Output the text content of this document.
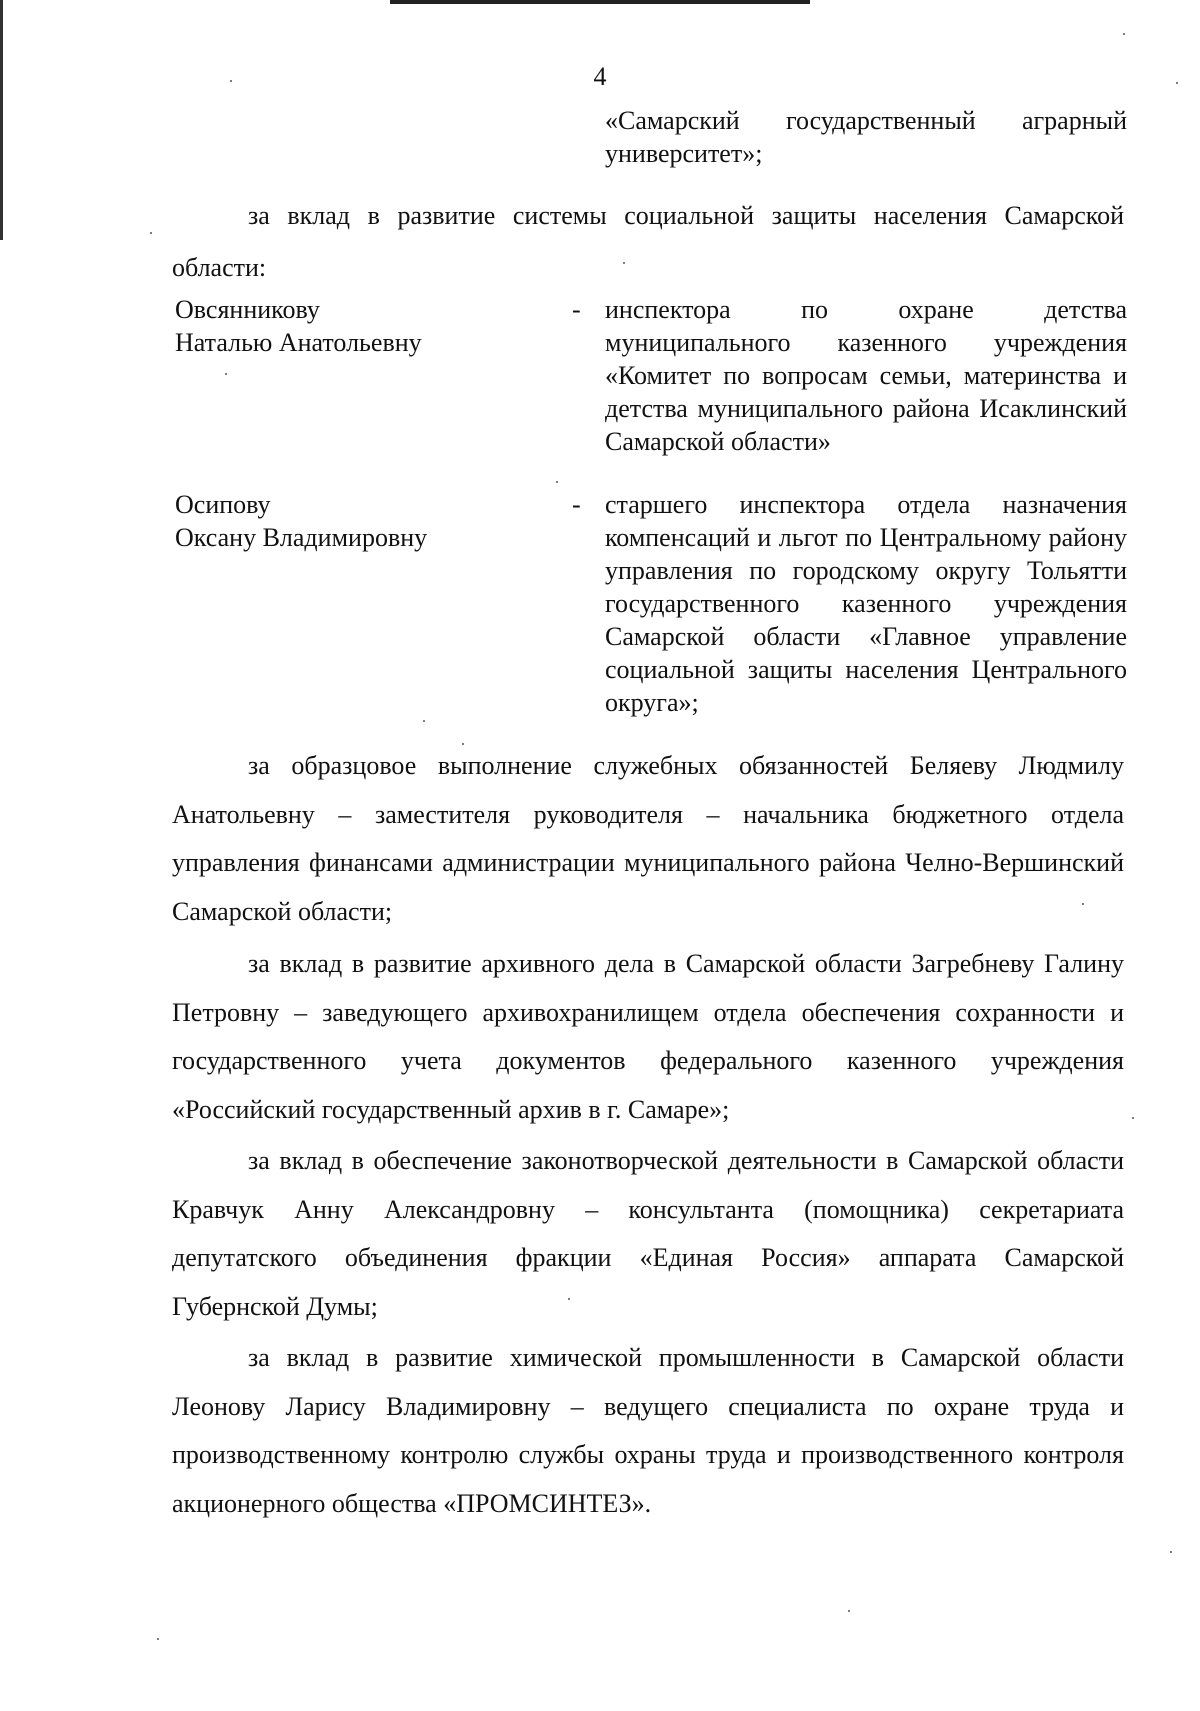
4
«Самарский государственный аграрный университет»;
за вклад в развитие системы социальной защиты населения Самарской области:
Овсянникову
Наталью Анатольевну
- инспектора по охране детства муниципального казенного учреждения «Комитет по вопросам семьи, материнства и детства муниципального района Исаклинский Самарской области»
Осипову
Оксану Владимировну
- старшего инспектора отдела назначения компенсаций и льгот по Центральному району управления по городскому округу Тольятти государственного казенного учреждения Самарской области «Главное управление социальной защиты населения Центрального округа»;
за образцовое выполнение служебных обязанностей Беляеву Людмилу Анатольевну – заместителя руководителя – начальника бюджетного отдела управления финансами администрации муниципального района Челно-Вершинский Самарской области;
за вклад в развитие архивного дела в Самарской области Загребневу Галину Петровну – заведующего архивохранилищем отдела обеспечения сохранности и государственного учета документов федерального казенного учреждения «Российский государственный архив в г. Самаре»;
за вклад в обеспечение законотворческой деятельности в Самарской области Кравчук Анну Александровну – консультанта (помощника) секретариата депутатского объединения фракции «Единая Россия» аппарата Самарской Губернской Думы;
за вклад в развитие химической промышленности в Самарской области Леонову Ларису Владимировну – ведущего специалиста по охране труда и производственному контролю службы охраны труда и производственного контроля акционерного общества «ПРОМСИНТЕЗ».
